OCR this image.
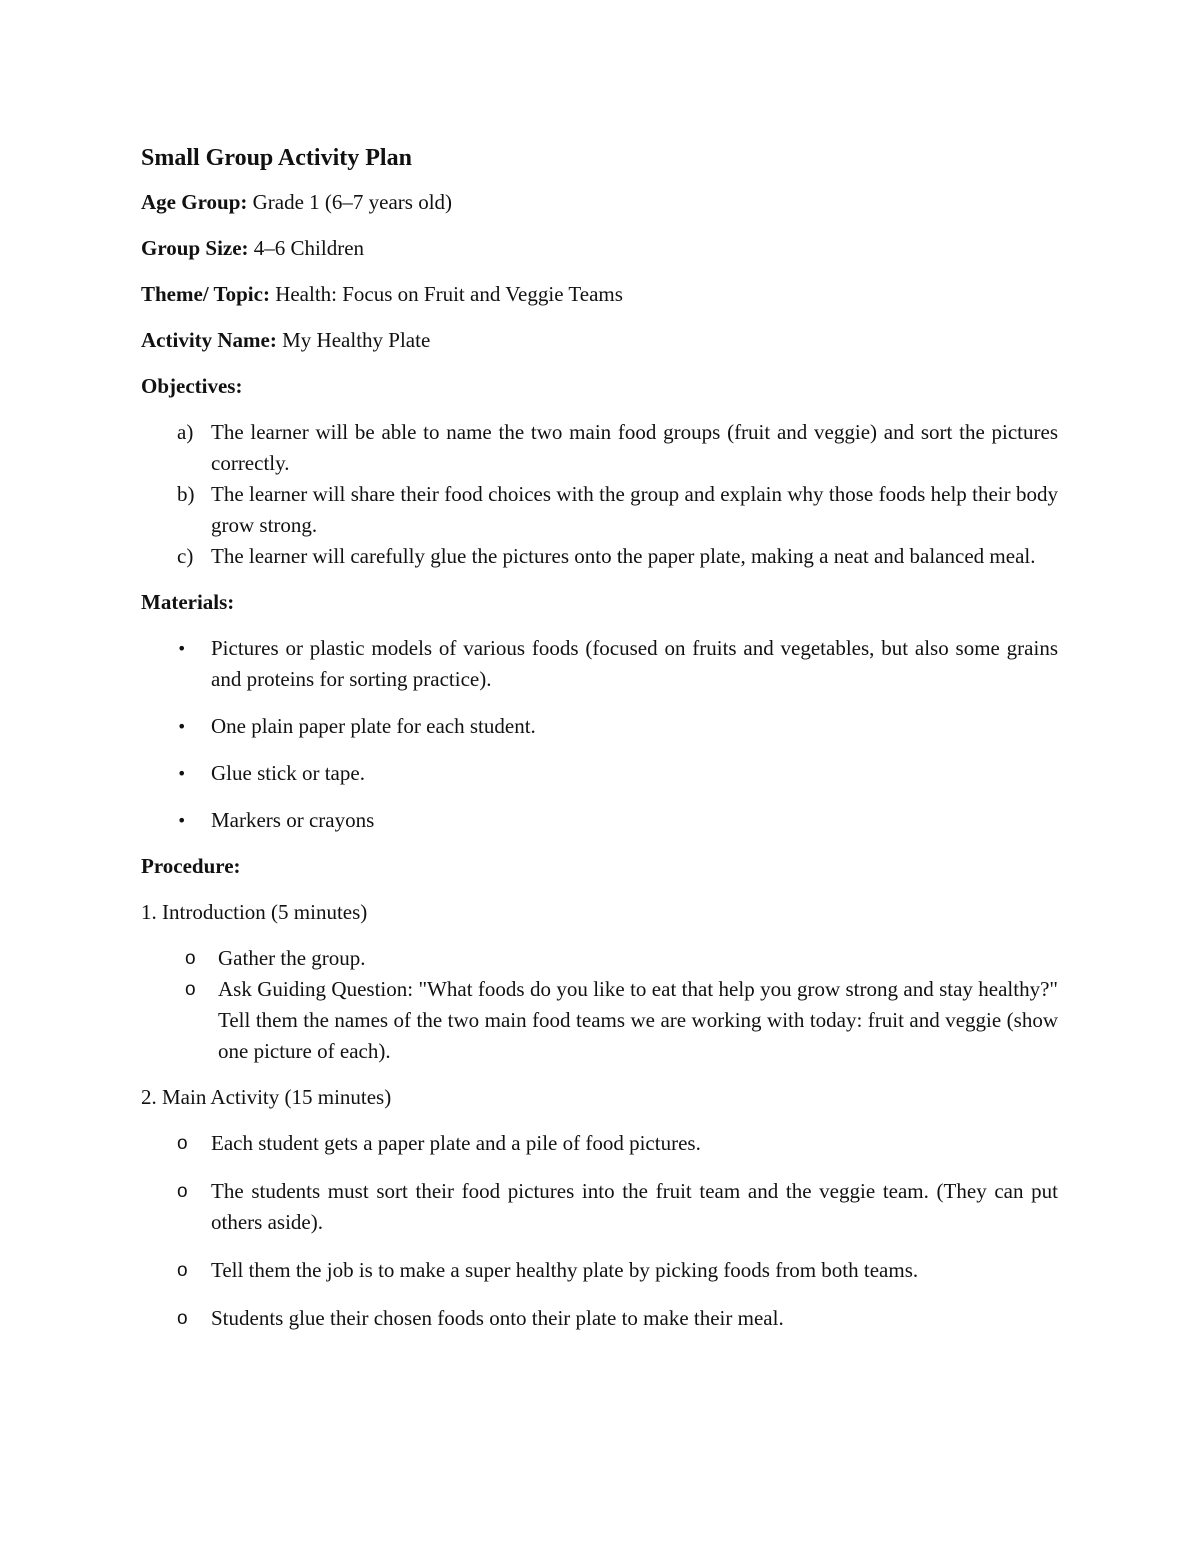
Small Group Activity Plan
Age Group: Grade 1 (6–7 years old)
Group Size: 4–6 Children
Theme/ Topic: Health: Focus on Fruit and Veggie Teams
Activity Name: My Healthy Plate
Objectives:
a) The learner will be able to name the two main food groups (fruit and veggie) and sort the pictures correctly.
b) The learner will share their food choices with the group and explain why those foods help their body grow strong.
c) The learner will carefully glue the pictures onto the paper plate, making a neat and balanced meal.
Materials:
• Pictures or plastic models of various foods (focused on fruits and vegetables, but also some grains and proteins for sorting practice).
• One plain paper plate for each student.
• Glue stick or tape.
• Markers or crayons
Procedure:
1. Introduction (5 minutes)
o Gather the group.
o Ask Guiding Question: "What foods do you like to eat that help you grow strong and stay healthy?" Tell them the names of the two main food teams we are working with today: fruit and veggie (show one picture of each).
2. Main Activity (15 minutes)
o Each student gets a paper plate and a pile of food pictures.
o The students must sort their food pictures into the fruit team and the veggie team. (They can put others aside).
o Tell them the job is to make a super healthy plate by picking foods from both teams.
o Students glue their chosen foods onto their plate to make their meal.
